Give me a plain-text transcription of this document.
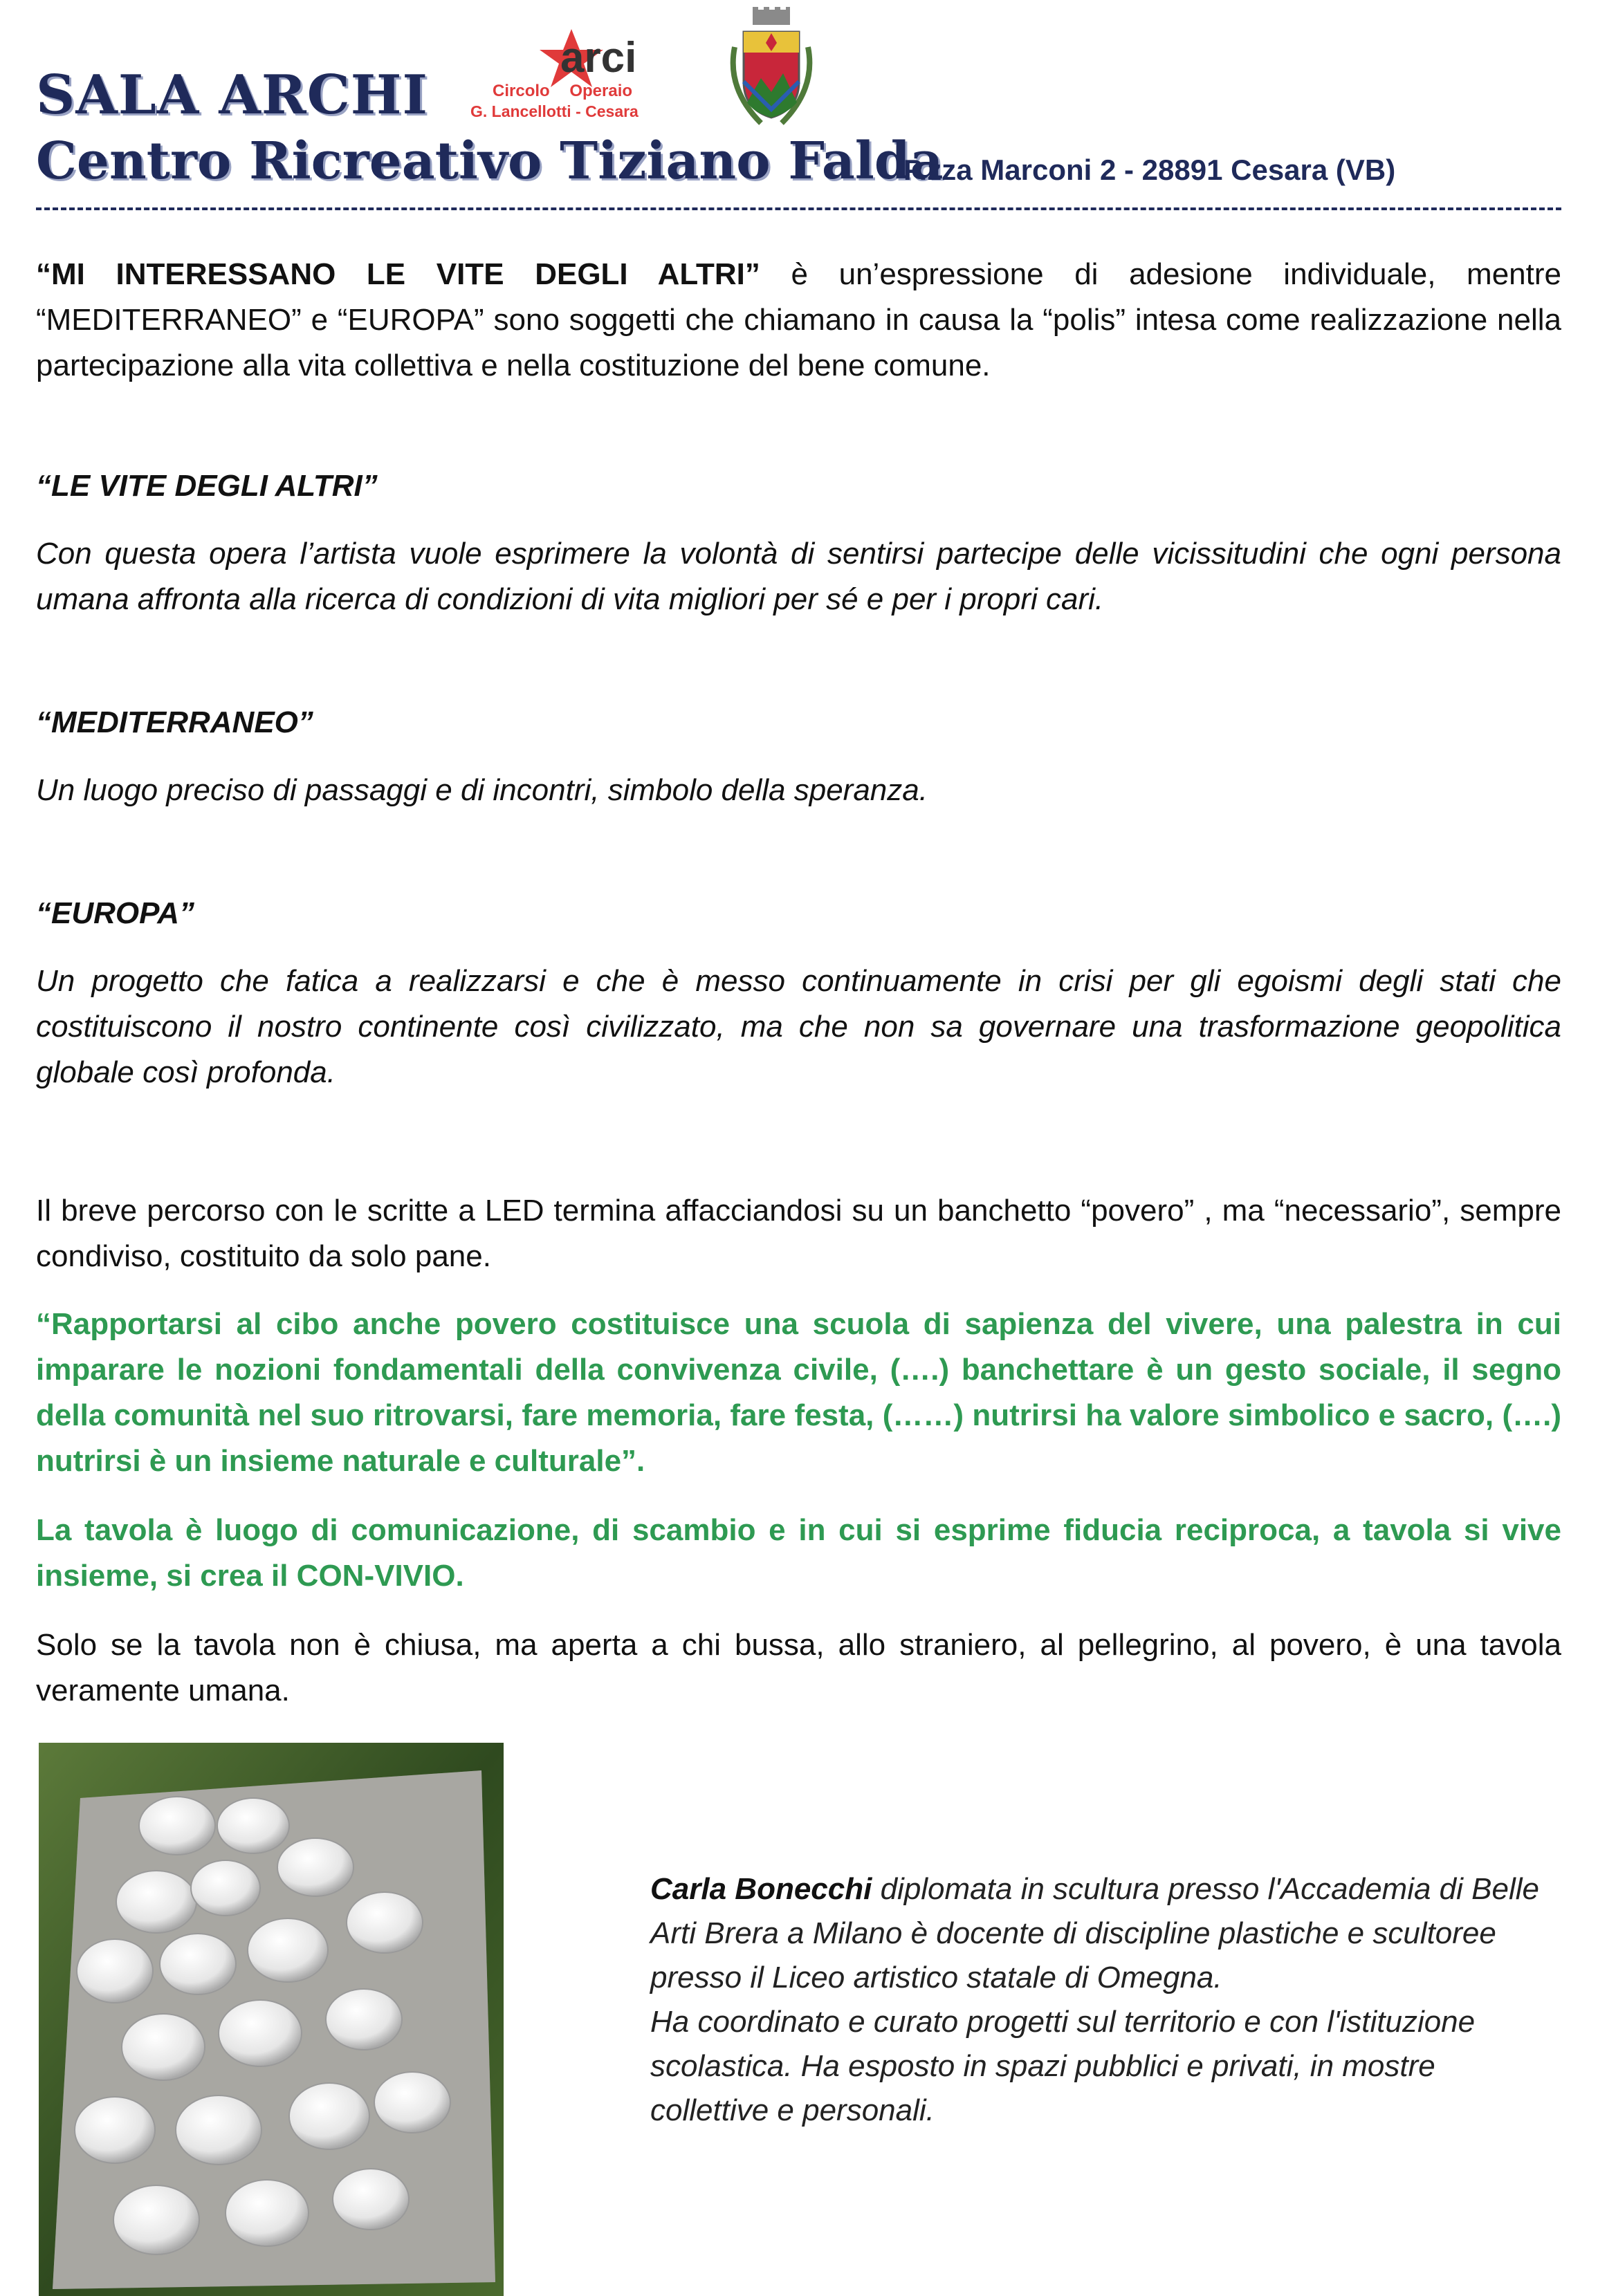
SALA ARCHI
arci
Circolo Operaio
G. Lancellotti - Cesara
Centro Ricreativo Tiziano Falda
P.zza Marconi 2 - 28891 Cesara (VB)
“MI INTERESSANO LE VITE DEGLI ALTRI” è un’espressione di adesione individuale, mentre “MEDITERRANEO” e “EUROPA” sono soggetti che chiamano in causa la “polis” intesa come realizzazione nella partecipazione alla vita collettiva e nella costituzione del bene comune.
“LE VITE DEGLI ALTRI”
Con questa opera l’artista vuole esprimere la volontà di sentirsi partecipe delle vicissitudini che ogni persona umana affronta alla ricerca di condizioni di vita migliori per sé e per i propri cari.
“MEDITERRANEO”
Un luogo preciso di passaggi e di incontri, simbolo della speranza.
“EUROPA”
Un progetto che fatica a realizzarsi e che è messo continuamente in crisi per gli egoismi degli stati che costituiscono il nostro continente così civilizzato, ma che non sa governare una trasformazione geopolitica globale così profonda.
Il breve percorso con le scritte a LED termina affacciandosi su un banchetto “povero” , ma “necessario”, sempre condiviso, costituito da solo pane.
“Rapportarsi al cibo anche povero costituisce una scuola di sapienza del vivere, una palestra in cui imparare le nozioni fondamentali della convivenza civile, (….) banchettare è un gesto sociale, il segno della comunità nel suo ritrovarsi, fare memoria, fare festa, (……) nutrirsi ha valore simbolico e sacro, (….) nutrirsi è un insieme naturale e culturale”.
La tavola è luogo di comunicazione, di scambio e in cui si esprime fiducia reciproca, a tavola si vive insieme, si crea il CON-VIVIO.
Solo se la tavola non è chiusa, ma aperta a chi bussa, allo straniero, al pellegrino, al povero, è una tavola veramente umana.
Carla Bonecchi diplomata in scultura presso l'Accademia di Belle Arti Brera a Milano è docente di discipline plastiche e scultoree presso il Liceo artistico statale di Omegna.
Ha coordinato e curato progetti sul territorio e con l'istituzione scolastica. Ha esposto in spazi pubblici e privati, in mostre collettive e personali.
